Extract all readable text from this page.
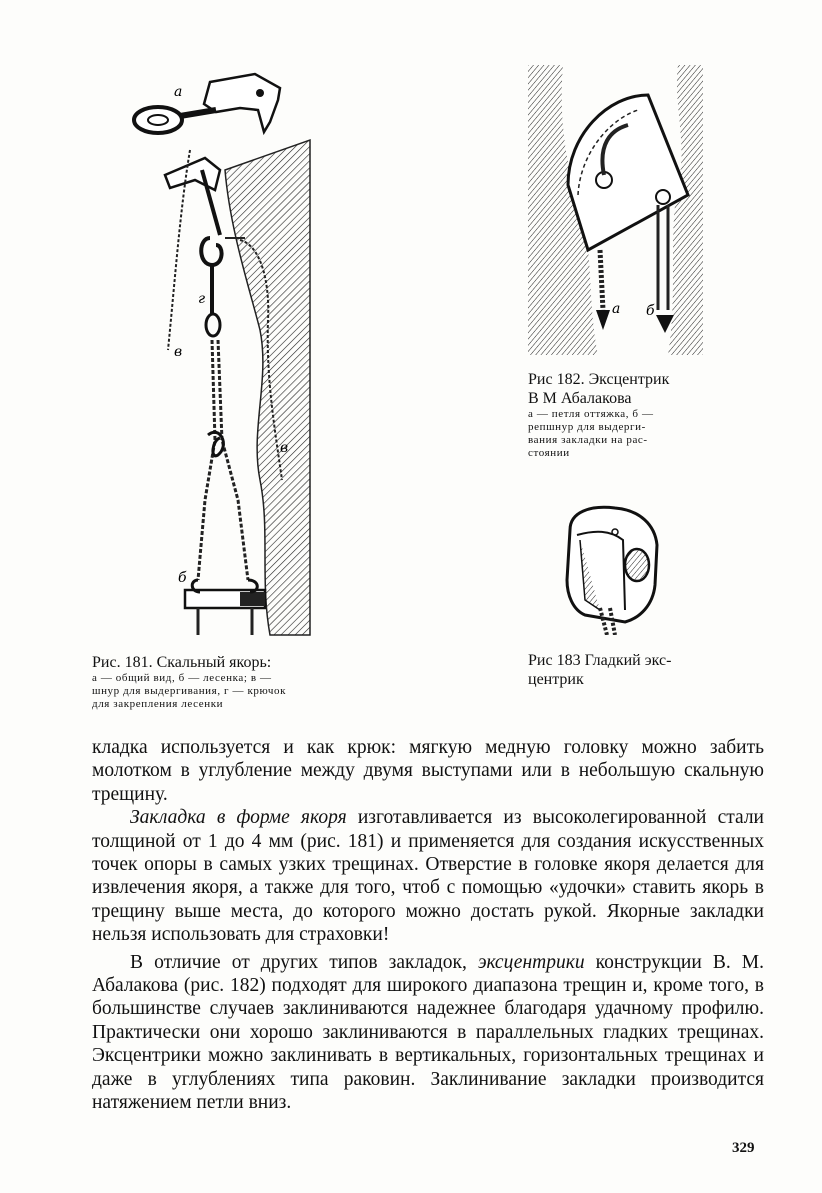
а
в
г
в
б
Рис. 181. Скальный якорь:
а — общий вид, б — лесенка; в —
шнур для выдергивания, г — крючок
для закрепления лесенки
а б
Рис 182. Эксцентрик
В М Абалакова
а — петля оттяжка, б —
репшнур для выдерги-
вания закладки на рас-
стоянии
Рис 183 Гладкий экс-
центрик

кладка используется и как крюк: мягкую медную головку можно забить молотком в углубление между двумя выступами или в небольшую скальную трещину.

Закладка в форме якоря изготавливается из высоколегированной стали толщиной от 1 до 4 мм (рис. 181) и применяется для создания искусственных точек опоры в самых узких трещинах. Отверстие в головке якоря делается для извлечения якоря, а также для того, чтоб с помощью «удочки» ставить якорь в трещину выше места, до которого можно достать рукой. Якорные закладки нельзя использовать для страховки!

В отличие от других типов закладок, эксцентрики конструкции В. М. Абалакова (рис. 182) подходят для широкого диапазона трещин и, кроме того, в большинстве случаев заклиниваются надежнее благодаря удачному профилю. Практически они хорошо заклиниваются в параллельных гладких трещинах. Эксцентрики можно заклинивать в вертикальных, горизонтальных трещинах и даже в углублениях типа раковин. Заклинивание закладки производится натяжением петли вниз.

329
